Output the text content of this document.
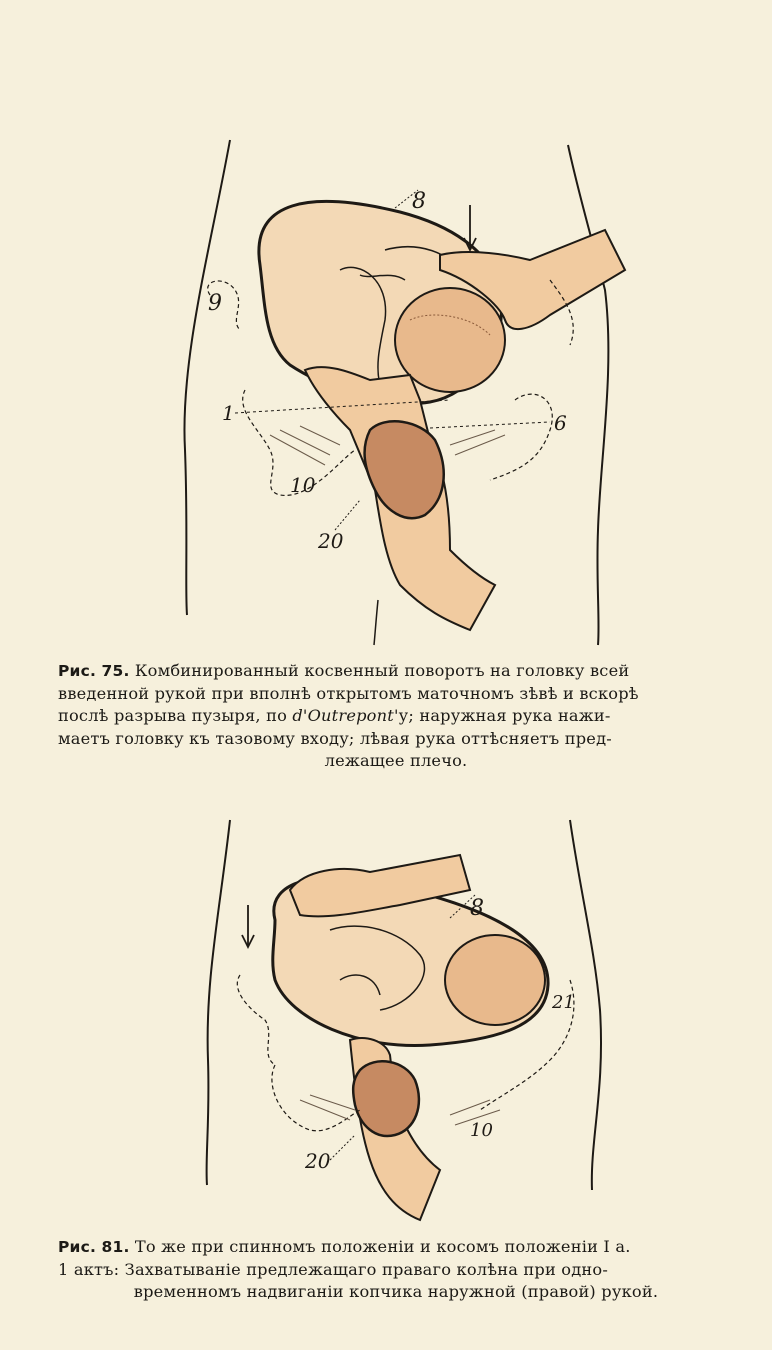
8
9
1	6
10
20
Рис. 75. Комбинированный косвенный поворотъ на головку всей
введенной рукой при вполнѣ открытомъ маточномъ зѣвѣ и вскорѣ
послѣ разрыва пузыря, по d'Outrepont'у; наружная рука нажи-
маетъ головку къ тазовому входу; лѣвая рука оттѣсняетъ пред-
лежащее плечо.
8
21
10
20
Рис. 81. То же при спинномъ положенiи и косомъ положенiи I а.
1 актъ: Захватыванiе предлежащаго праваго колѣна при одно-
временномъ надвиганiи копчика наружной (правой) рукой.
